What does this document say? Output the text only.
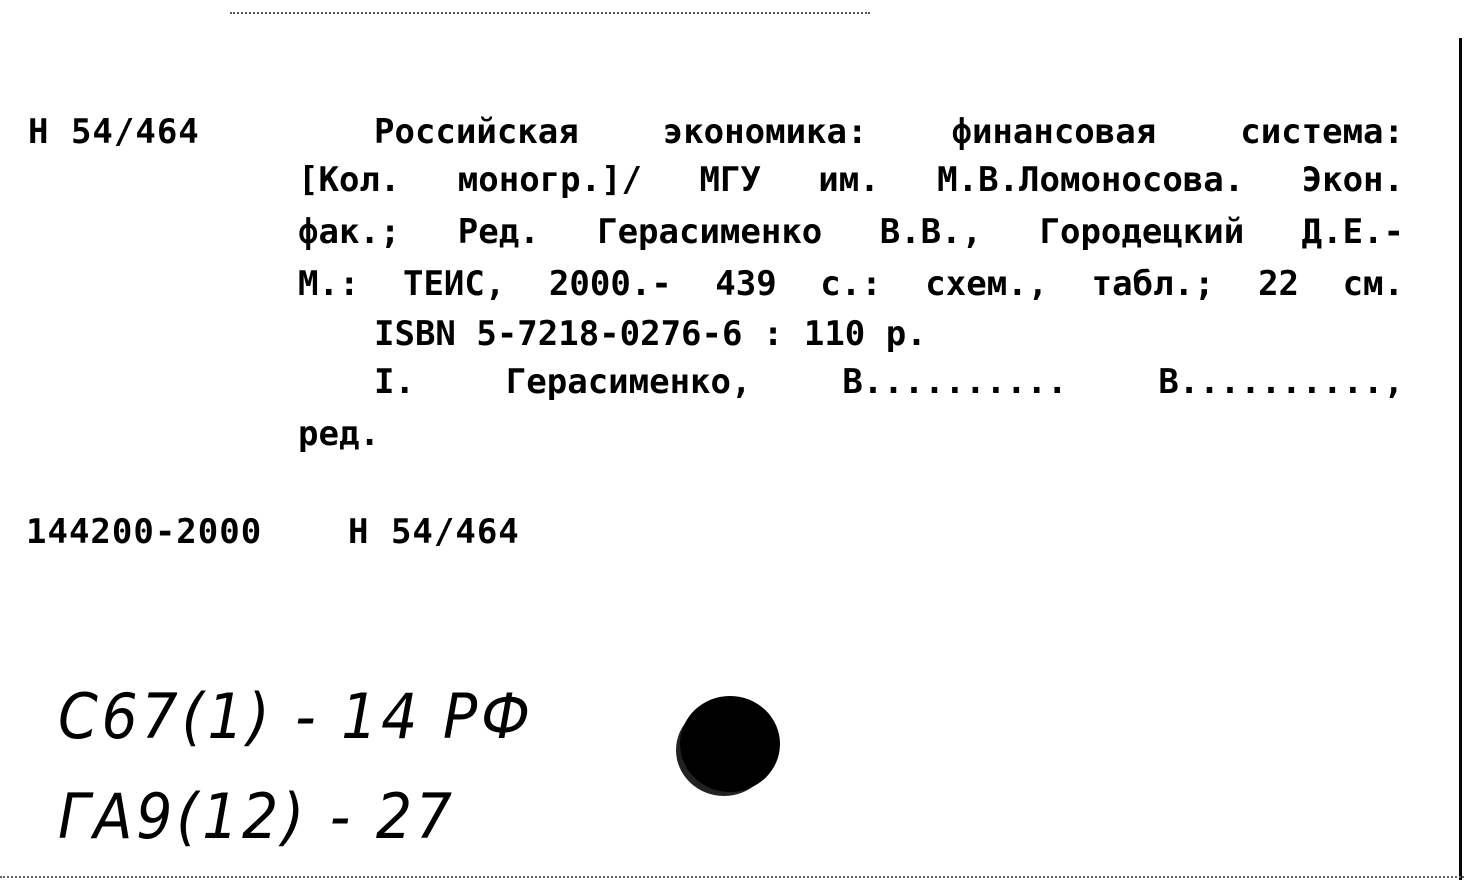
Н 54/464	Российская экономика: финансовая система:
[Кол. моногр.]/ МГУ им. М.В.Ломоносова. Экон.
фак.; Ред. Герасименко В.В., Городецкий Д.Е.-
М.: ТЕИС, 2000.- 439 с.: схем., табл.; 22 см.
ISBN 5-7218-0276-6 : 110 р.
I. Герасименко, В.......... В..........,
ред.
144200-2000	Н 54/464
С67(1) - 14 РФ
ГА9(12) - 27
